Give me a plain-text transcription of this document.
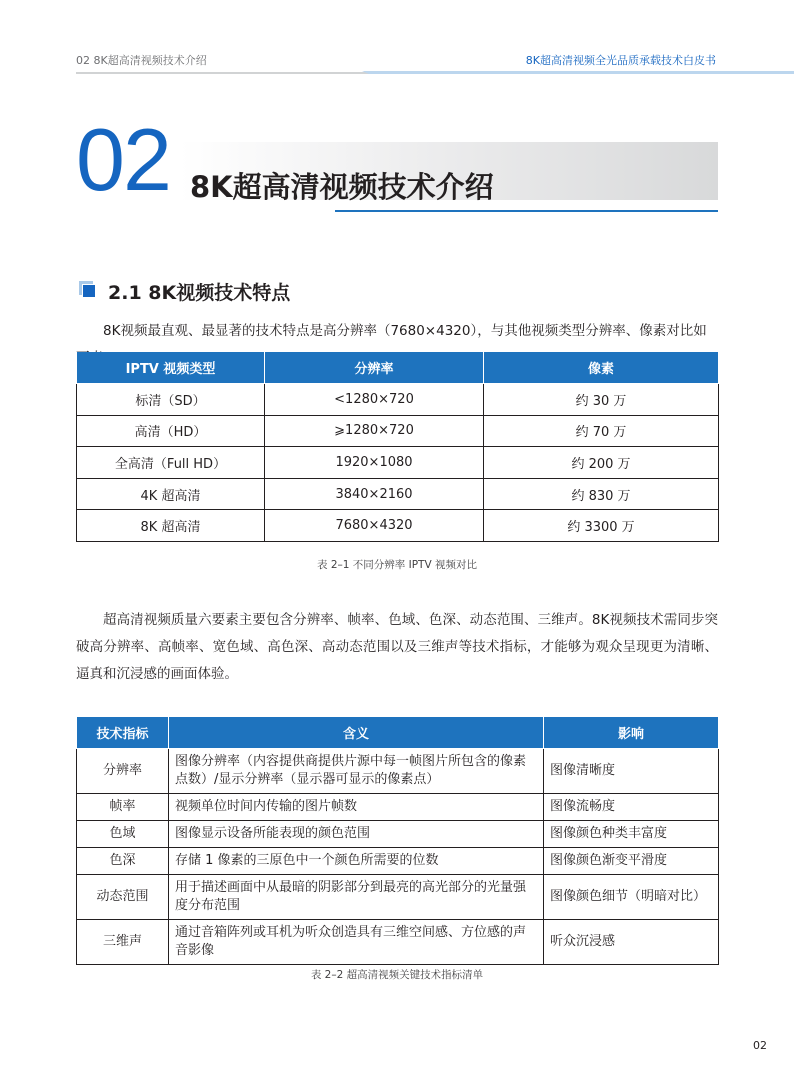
02 8K超高清视频技术介绍	8K超高清视频全光品质承载技术白皮书
02 8K超高清视频技术介绍
2.1 8K视频技术特点
8K视频最直观、最显著的技术特点是高分辨率（7680×4320），与其他视频类型分辨率、像素对比如
IPTV 视频类型	分辨率	像素
标清（SD）	<1280×720	约 30 万
高清（HD）	⩾1280×720	约 70 万
全高清（Full HD）	1920×1080	约 200 万
4K 超高清	3840×2160	约 830 万
8K 超高清	7680×4320	约 3300 万
表 2–1 不同分辨率 IPTV 视频对比
超高清视频质量六要素主要包含分辨率、帧率、色域、色深、动态范围、三维声。8K视频技术需同步突破高分辨率、高帧率、宽色域、高色深、高动态范围以及三维声等技术指标，才能够为观众呈现更为清晰、逼真和沉浸感的画面体验。
技术指标	含义	影响
分辨率	图像分辨率（内容提供商提供片源中每一帧图片所包含的像素点数）/显示分辨率（显示器可显示的像素点）	图像清晰度
帧率	视频单位时间内传输的图片帧数	图像流畅度
色域	图像显示设备所能表现的颜色范围	图像颜色种类丰富度
色深	存储 1 像素的三原色中一个颜色所需要的位数	图像颜色渐变平滑度
动态范围	用于描述画面中从最暗的阴影部分到最亮的高光部分的光量强度分布范围	图像颜色细节（明暗对比）
三维声	通过音箱阵列或耳机为听众创造具有三维空间感、方位感的声音影像	听众沉浸感
表 2–2 超高清视频关键技术指标清单
02
